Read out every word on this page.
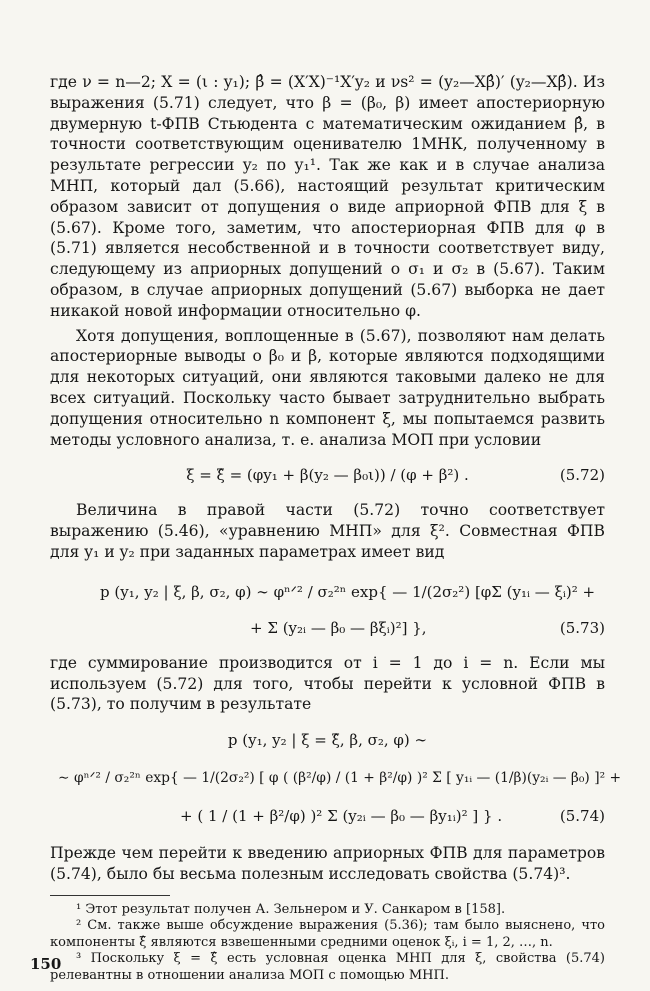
где ν = n—2; X = (ι : y₁); β̂ = (X′X)⁻¹X′y₂ и νs² = (y₂—Xβ̂)′ (y₂—Xβ̂). Из выражения (5.71) следует, что β = (β₀, β) имеет апостериорную двумерную t-ФПВ Стьюдента с математическим ожиданием β̂, в точности соответствующим оценивателю 1МНК, полученному в результате регрессии y₂ по y₁¹. Так же как и в случае анализа МНП, который дал (5.66), настоящий результат критическим образом зависит от допущения о виде априорной ФПВ для ξ в (5.67). Кроме того, заметим, что апостериорная ФПВ для φ в (5.71) является несобственной и в точности соответствует виду, следующему из априорных допущений о σ₁ и σ₂ в (5.67). Таким образом, в случае априорных допущений (5.67) выборка не дает никакой новой информации относительно φ.

Хотя допущения, воплощенные в (5.67), позволяют нам делать апостериорные выводы о β₀ и β, которые являются подходящими для некоторых ситуаций, они являются таковыми далеко не для всех ситуаций. Поскольку часто бывает затруднительно выбрать допущения относительно n компонент ξ, мы попытаемся развить методы условного анализа, т. е. анализа МОП при условии

ξ = ξ̂ = (φy₁ + β(y₂ — β₀ι)) / (φ + β²) .	(5.72)

Величина в правой части (5.72) точно соответствует выражению (5.46), «уравнению МНП» для ξ². Совместная ФПВ для y₁ и y₂ при заданных параметрах имеет вид

p (y₁, y₂ | ξ, β, σ₂, φ) ∼ φⁿᐟ² / σ₂²ⁿ exp{ — 1/(2σ₂²) [φΣ (y₁ᵢ — ξᵢ)² +
+ Σ (y₂ᵢ — β₀ — βξᵢ)²] },	(5.73)

где суммирование производится от i = 1 до i = n. Если мы используем (5.72) для того, чтобы перейти к условной ФПВ в (5.73), то получим в результате

p (y₁, y₂ | ξ = ξ̂, β, σ₂, φ) ∼
∼ φⁿᐟ² / σ₂²ⁿ exp{ — 1/(2σ₂²) [ φ ( (β²/φ) / (1 + β²/φ) )² Σ [ y₁ᵢ — (1/β)(y₂ᵢ — β₀) ]² +
+ ( 1 / (1 + β²/φ) )² Σ (y₂ᵢ — β₀ — βy₁ᵢ)² ] } .	(5.74)

Прежде чем перейти к введению априорных ФПВ для параметров (5.74), было бы весьма полезным исследовать свойства (5.74)³.

¹ Этот результат получен А. Зельнером и У. Санкаром в [158].

² См. также выше обсуждение выражения (5.36); там было выяснено, что компоненты ξ̂ являются взвешенными средними оценок ξᵢ, i = 1, 2, …, n.

³ Поскольку ξ = ξ̂ есть условная оценка МНП для ξ, свойства (5.74) релевантны в отношении анализа МОП с помощью МНП.

150
